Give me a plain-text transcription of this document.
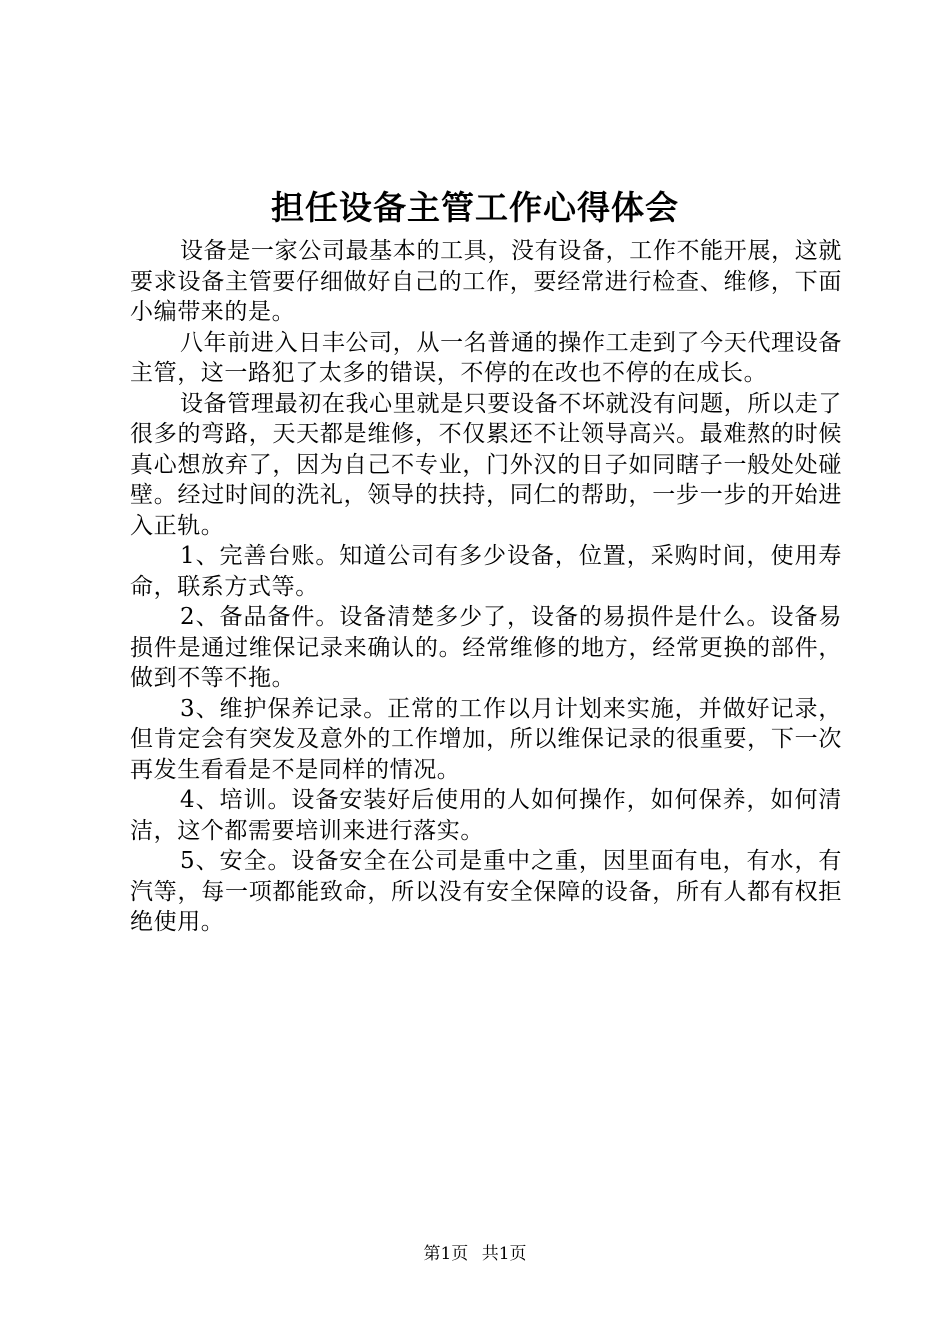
担任设备主管工作心得体会

设备是一家公司最基本的工具，没有设备，工作不能开展，这就要求设备主管要仔细做好自己的工作，要经常进行检查、维修，下面小编带来的是。

八年前进入日丰公司，从一名普通的操作工走到了今天代理设备主管，这一路犯了太多的错误，不停的在改也不停的在成长。

设备管理最初在我心里就是只要设备不坏就没有问题，所以走了很多的弯路，天天都是维修，不仅累还不让领导高兴。最难熬的时候真心想放弃了，因为自己不专业，门外汉的日子如同瞎子一般处处碰壁。经过时间的洗礼，领导的扶持，同仁的帮助，一步一步的开始进入正轨。

1、完善台账。知道公司有多少设备，位置，采购时间，使用寿命，联系方式等。

2、备品备件。设备清楚多少了，设备的易损件是什么。设备易损件是通过维保记录来确认的。经常维修的地方，经常更换的部件，做到不等不拖。

3、维护保养记录。正常的工作以月计划来实施，并做好记录，但肯定会有突发及意外的工作增加，所以维保记录的很重要，下一次再发生看看是不是同样的情况。

4、培训。设备安装好后使用的人如何操作，如何保养，如何清洁，这个都需要培训来进行落实。

5、安全。设备安全在公司是重中之重，因里面有电，有水，有汽等，每一项都能致命，所以没有安全保障的设备，所有人都有权拒绝使用。

第1页 共1页
